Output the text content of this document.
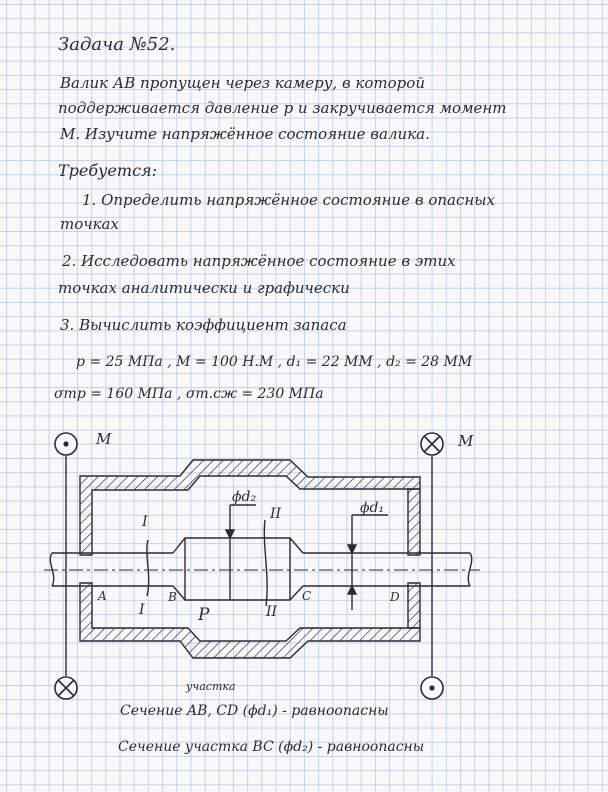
Задача №52.
Валик АВ пропущен через камеру, в которой
поддерживается давление p и закручивается момент
М. Изучите напряжённое состояние валика.
Требуется:
1. Определить напряжённое состояние в опасных
точках
2. Исследовать напряжённое состояние в этих
точках аналитически и графически
3. Вычислить коэффициент запаса
p = 25 МПа , M = 100 Н.М , d₁ = 22 ММ , d₂ = 28 ММ
σтр = 160 МПа , σт.сж = 230 МПа
M	M
I
I
II
II
A	B	C	D
P
ϕd₂
ϕd₁
участка
Сечение AB, CD (ϕd₁) - равноопасны
Сечение участка BC (ϕd₂) - равноопасны
